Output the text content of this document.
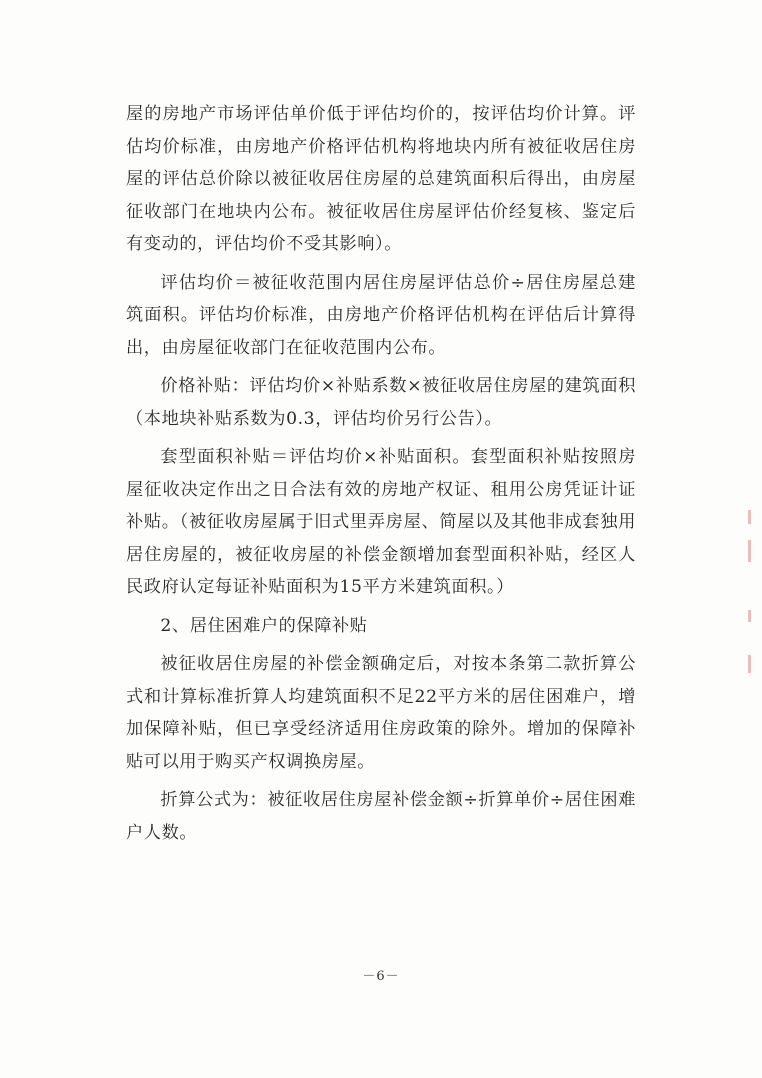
屋的房地产市场评估单价低于评估均价的，按评估均价计算。评估均价标准，由房地产价格评估机构将地块内所有被征收居住房屋的评估总价除以被征收居住房屋的总建筑面积后得出，由房屋征收部门在地块内公布。被征收居住房屋评估价经复核、鉴定后有变动的，评估均价不受其影响）。

评估均价＝被征收范围内居住房屋评估总价÷居住房屋总建筑面积。评估均价标准，由房地产价格评估机构在评估后计算得出，由房屋征收部门在征收范围内公布。

价格补贴：评估均价×补贴系数×被征收居住房屋的建筑面积（本地块补贴系数为0.3，评估均价另行公告）。

套型面积补贴＝评估均价×补贴面积。套型面积补贴按照房屋征收决定作出之日合法有效的房地产权证、租用公房凭证计证补贴。（被征收房屋属于旧式里弄房屋、简屋以及其他非成套独用居住房屋的，被征收房屋的补偿金额增加套型面积补贴，经区人民政府认定每证补贴面积为15平方米建筑面积。）

2、居住困难户的保障补贴

被征收居住房屋的补偿金额确定后，对按本条第二款折算公式和计算标准折算人均建筑面积不足22平方米的居住困难户，增加保障补贴，但已享受经济适用住房政策的除外。增加的保障补贴可以用于购买产权调换房屋。

折算公式为：被征收居住房屋补偿金额÷折算单价÷居住困难户人数。

－6－
